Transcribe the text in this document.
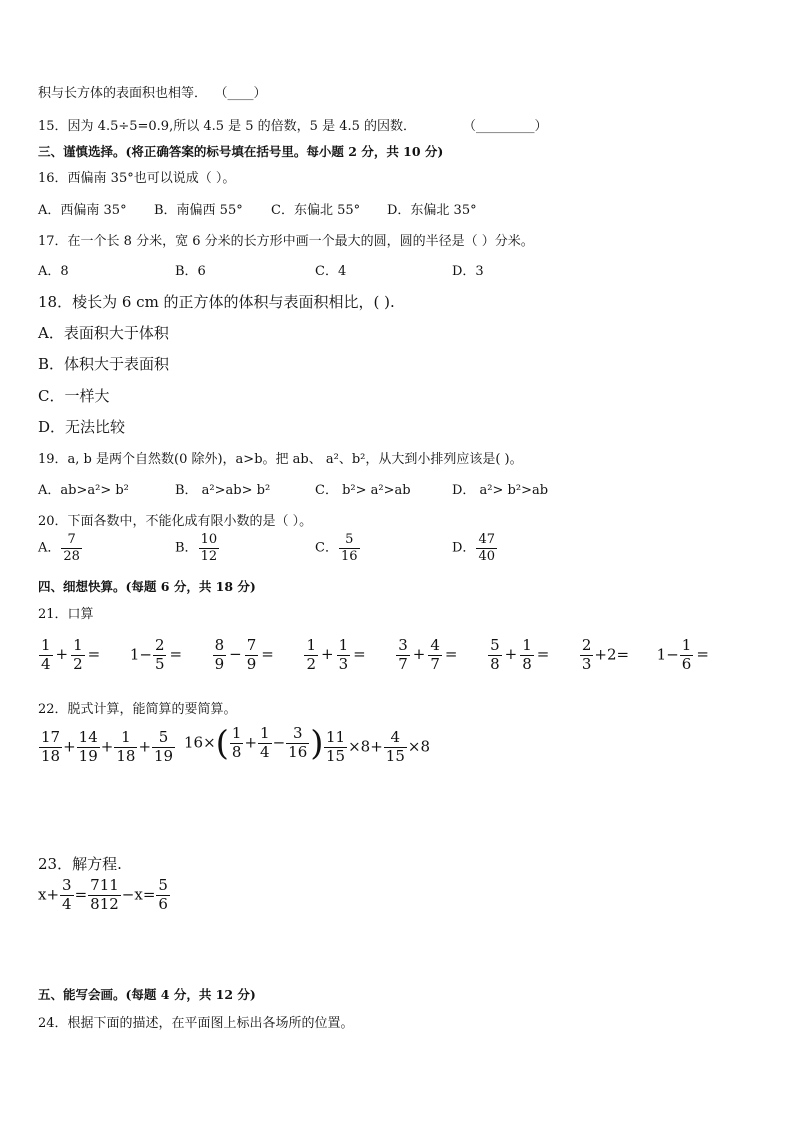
积与长方体的表面积也相等． （____）
15．因为 4.5÷5=0.9,所以 4.5 是 5 的倍数，5 是 4.5 的因数．	（_________）
三、谨慎选择。(将正确答案的标号填在括号里。每小题 2 分，共 10 分)
16．西偏南 35°也可以说成（ ）。
A．西偏南 35° B．南偏西 55° C．东偏北 55° D．东偏北 35°
17．在一个长 8 分米，宽 6 分米的长方形中画一个最大的圆，圆的半径是（ ）分米。
A．8	B．6	C．4	D．3
18．棱长为 6 cm 的正方体的体积与表面积相比，( ).
A．表面积大于体积
B．体积大于表面积
C．一样大
D．无法比较
19．a, b 是两个自然数(0 除外)，a>b。把 ab、 a²、b²，从大到小排列应该是( )。
A．ab>a²> b²	B． a²>ab> b²	C． b²> a²>ab	D． a²> b²>ab
20．下面各数中，不能化成有限小数的是（ ）。
A． $\frac{7}{28}$	B． $\frac{10}{12}$	C． $\frac{5}{16}$	D． $\frac{47}{40}$
四、细想快算。(每题 6 分，共 18 分)
21．口算
$\frac{1}{4} + \frac{1}{2} = 1- \frac{2}{5} = \frac{8}{9} - \frac{7}{9} = \frac{1}{2} + \frac{1}{3} = \frac{3}{7} + \frac{4}{7} = \frac{5}{8} + \frac{1}{8} = \frac{2}{3} +2= 1- \frac{1}{6}$ =
22．脱式计算，能简算的要简算。
$\frac{17}{18} + \frac{14}{19} + \frac{1}{18} + \frac{5}{19} 16\times( \frac{1}{8} + \frac{1}{4} - \frac{3}{16}$ ) $\frac{11}{15} \times 8+ \frac{4}{15} \times 8$
23．解方程.
$x+ \frac{3}{4} = \frac{711}{812} -x= \frac{5}{6}$
五、能写会画。(每题 4 分，共 12 分)
24．根据下面的描述，在平面图上标出各场所的位置。
